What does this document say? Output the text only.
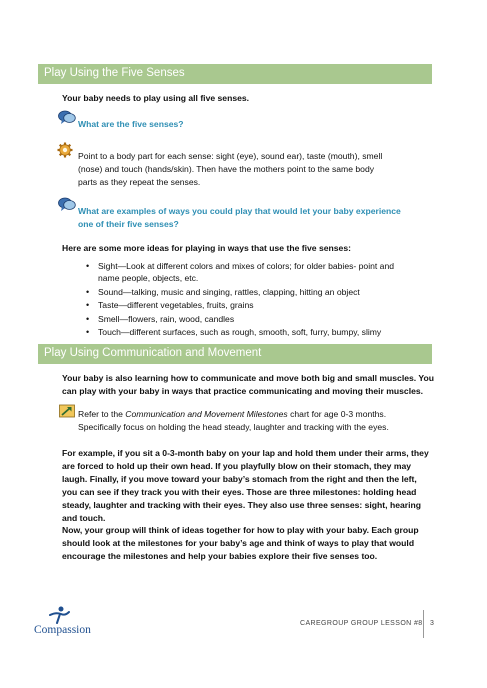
Play Using the Five Senses
Your baby needs to play using all five senses.
What are the five senses?
Point to a body part for each sense: sight (eye), sound ear), taste (mouth), smell
(nose) and touch (hands/skin). Then have the mothers point to the same body
parts as they repeat the senses.
What are examples of ways you could play that would let your baby experience
one of their five senses?
Here are some more ideas for playing in ways that use the five senses:
• Sight—Look at different colors and mixes of colors; for older babies- point and
name people, objects, etc.
• Sound—talking, music and singing, rattles, clapping, hitting an object
• Taste—different vegetables, fruits, grains
• Smell—flowers, rain, wood, candles
• Touch—different surfaces, such as rough, smooth, soft, furry, bumpy, slimy
Play Using Communication and Movement
Your baby is also learning how to communicate and move both big and small muscles. You
can play with your baby in ways that practice communicating and moving their muscles.
Refer to the Communication and Movement Milestones chart for age 0-3 months.
Specifically focus on holding the head steady, laughter and tracking with the eyes.
For example, if you sit a 0-3-month baby on your lap and hold them under their arms, they
are forced to hold up their own head. If you playfully blow on their stomach, they may
laugh. Finally, if you move toward your baby’s stomach from the right and then the left,
you can see if they track you with their eyes. Those are three milestones: holding head
steady, laughter and tracking with their eyes. They also use three senses: sight, hearing
and touch.
Now, your group will think of ideas together for how to play with your baby. Each group
should look at the milestones for your baby’s age and think of ways to play that would
encourage the milestones and help your babies explore their five senses too.
Compassion
CAREGROUP GROUP LESSON #8 3
